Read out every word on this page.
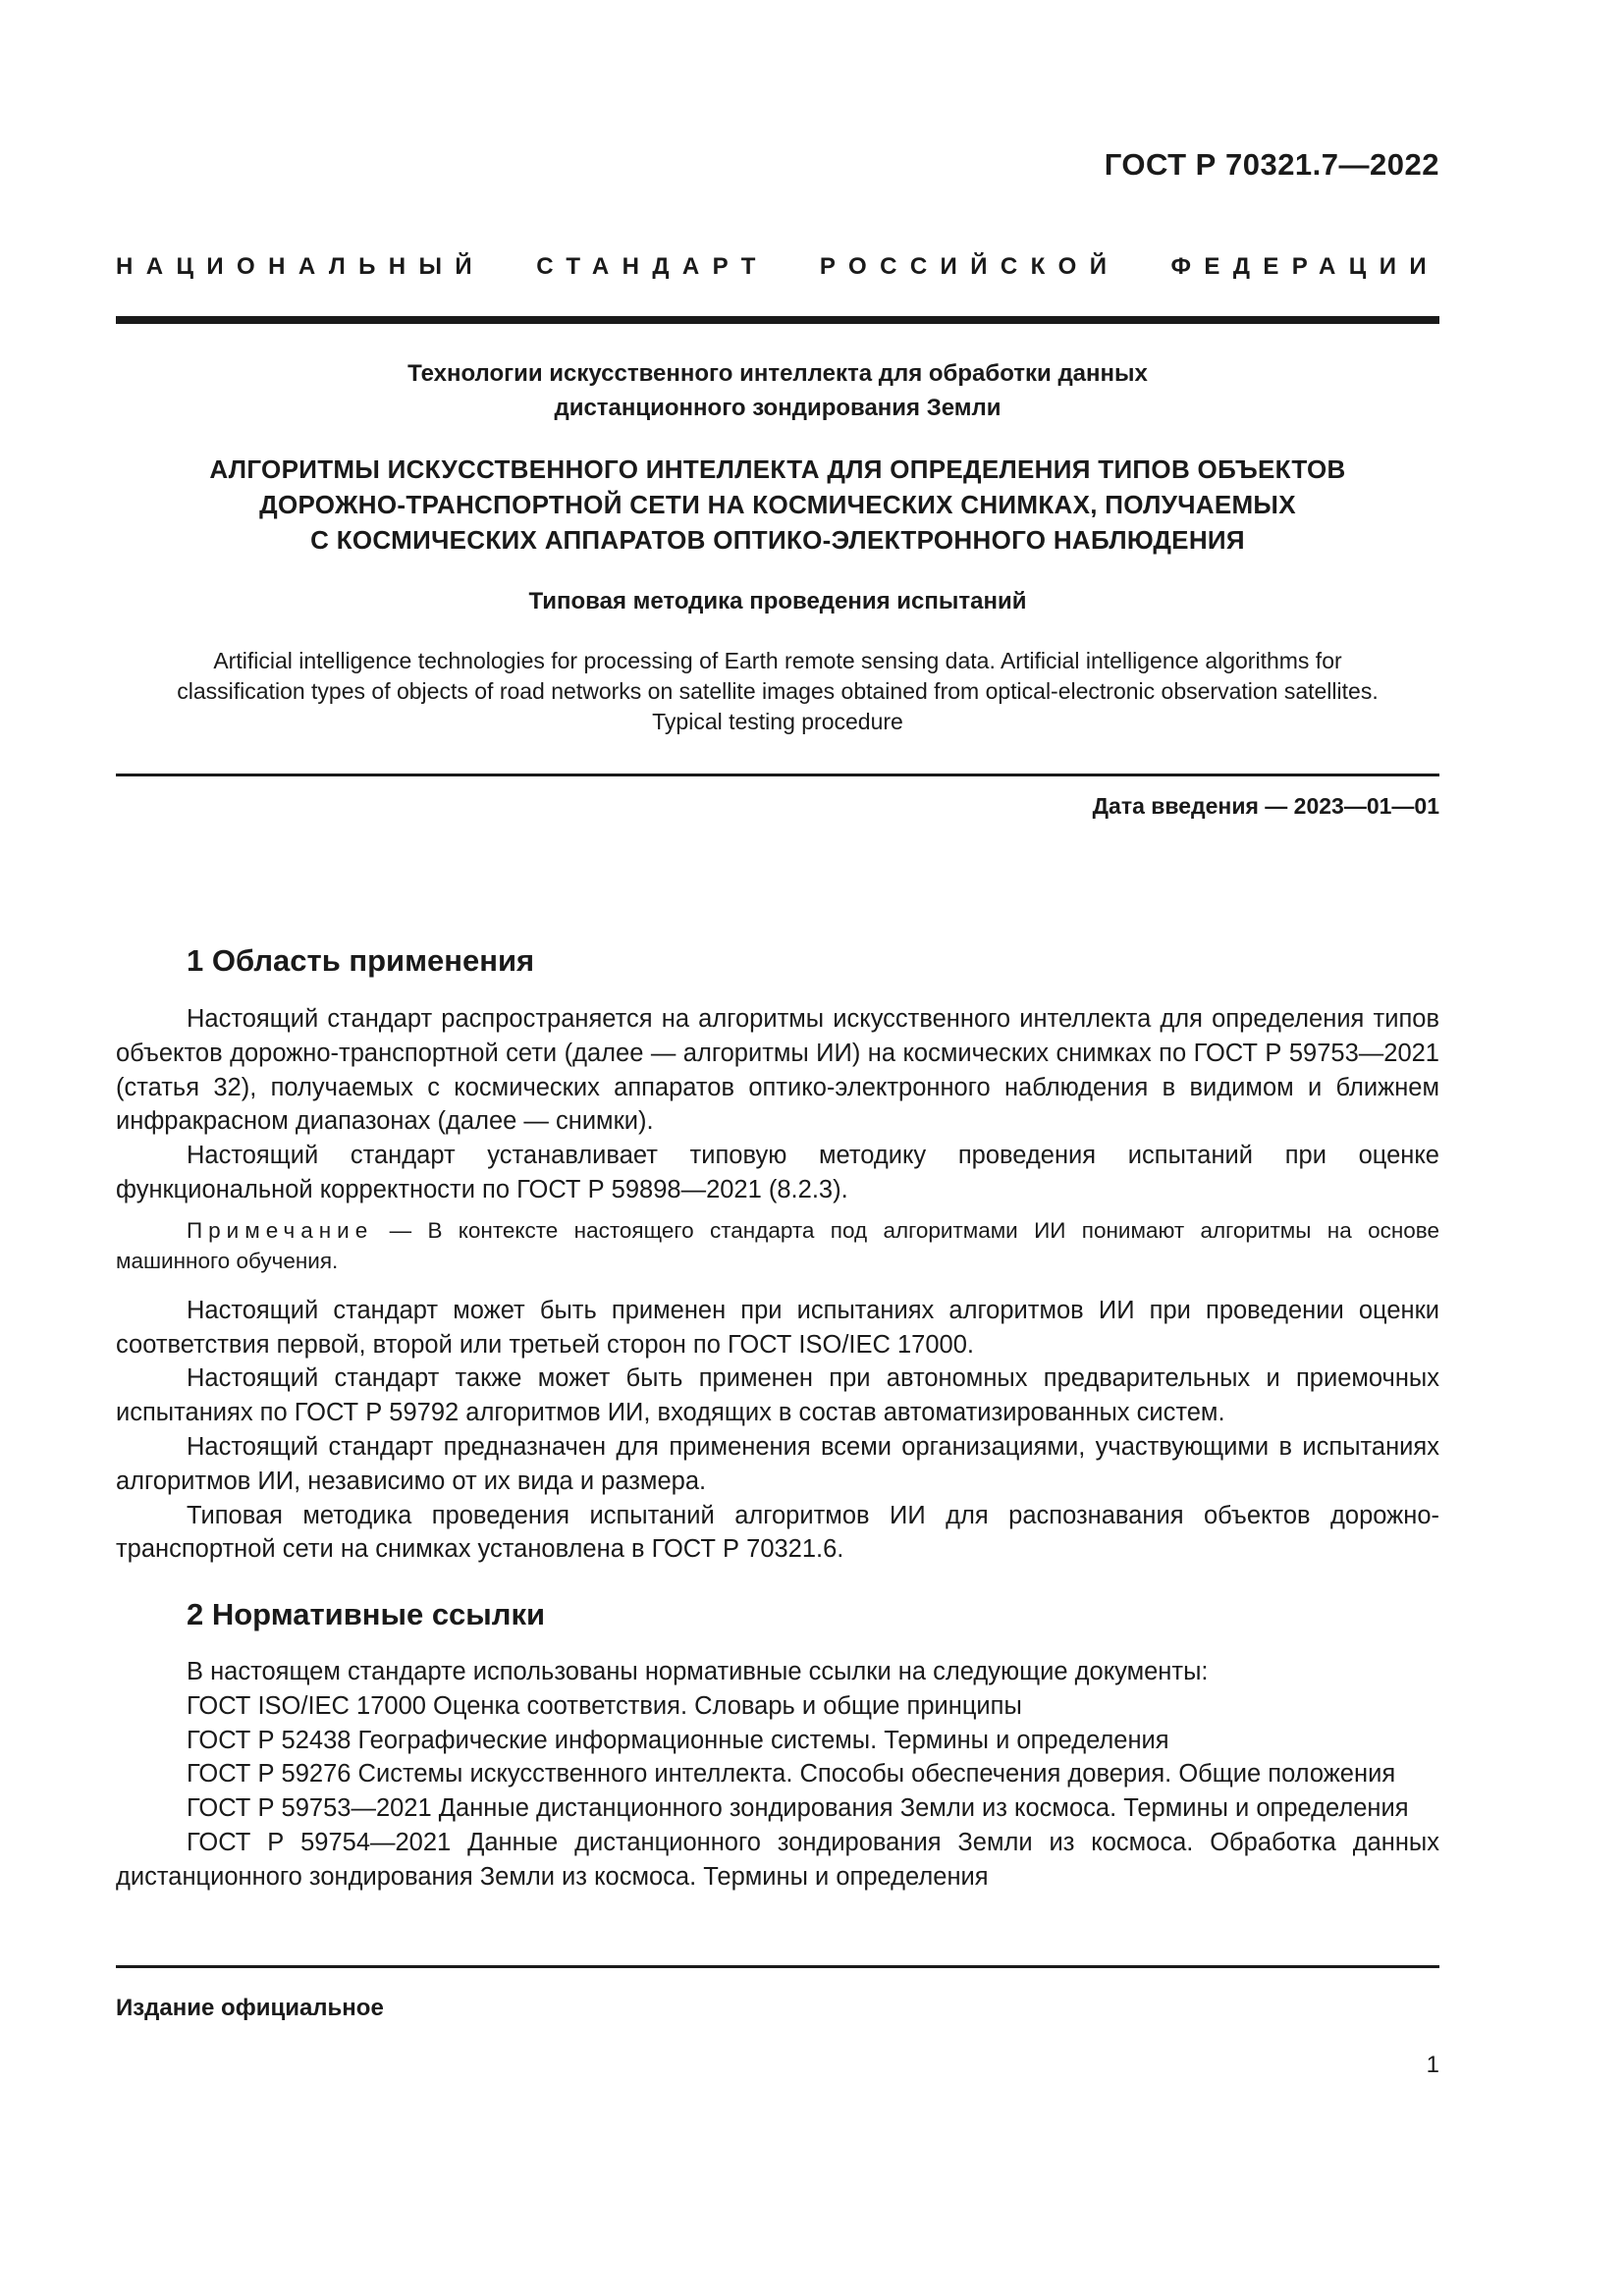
ГОСТ Р 70321.7—2022
НАЦИОНАЛЬНЫЙ СТАНДАРТ РОССИЙСКОЙ ФЕДЕРАЦИИ
Технологии искусственного интеллекта для обработки данных
дистанционного зондирования Земли
АЛГОРИТМЫ ИСКУССТВЕННОГО ИНТЕЛЛЕКТА ДЛЯ ОПРЕДЕЛЕНИЯ ТИПОВ ОБЪЕКТОВ
ДОРОЖНО-ТРАНСПОРТНОЙ СЕТИ НА КОСМИЧЕСКИХ СНИМКАХ, ПОЛУЧАЕМЫХ
С КОСМИЧЕСКИХ АППАРАТОВ ОПТИКО-ЭЛЕКТРОННОГО НАБЛЮДЕНИЯ
Типовая методика проведения испытаний
Artificial intelligence technologies for processing of Earth remote sensing data. Artificial intelligence algorithms for
classification types of objects of road networks on satellite images obtained from optical-electronic observation satellites.
Typical testing procedure
Дата введения — 2023—01—01
1 Область применения

Настоящий стандарт распространяется на алгоритмы искусственного интеллекта для определения типов объектов дорожно-транспортной сети (далее — алгоритмы ИИ) на космических снимках по ГОСТ Р 59753—2021 (статья 32), получаемых с космических аппаратов оптико-электронного наблюдения в видимом и ближнем инфракрасном диапазонах (далее — снимки).

Настоящий стандарт устанавливает типовую методику проведения испытаний при оценке функциональной корректности по ГОСТ Р 59898—2021 (8.2.3).

Примечание — В контексте настоящего стандарта под алгоритмами ИИ понимают алгоритмы на основе машинного обучения.

Настоящий стандарт может быть применен при испытаниях алгоритмов ИИ при проведении оценки соответствия первой, второй или третьей сторон по ГОСТ ISO/IEC 17000.

Настоящий стандарт также может быть применен при автономных предварительных и приемочных испытаниях по ГОСТ Р 59792 алгоритмов ИИ, входящих в состав автоматизированных систем.

Настоящий стандарт предназначен для применения всеми организациями, участвующими в испытаниях алгоритмов ИИ, независимо от их вида и размера.

Типовая методика проведения испытаний алгоритмов ИИ для распознавания объектов дорожно-транспортной сети на снимках установлена в ГОСТ Р 70321.6.

2 Нормативные ссылки

В настоящем стандарте использованы нормативные ссылки на следующие документы:

ГОСТ ISO/IEC 17000 Оценка соответствия. Словарь и общие принципы

ГОСТ Р 52438 Географические информационные системы. Термины и определения

ГОСТ Р 59276 Системы искусственного интеллекта. Способы обеспечения доверия. Общие положения

ГОСТ Р 59753—2021 Данные дистанционного зондирования Земли из космоса. Термины и определения

ГОСТ Р 59754—2021 Данные дистанционного зондирования Земли из космоса. Обработка данных дистанционного зондирования Земли из космоса. Термины и определения

Издание официальное
1
